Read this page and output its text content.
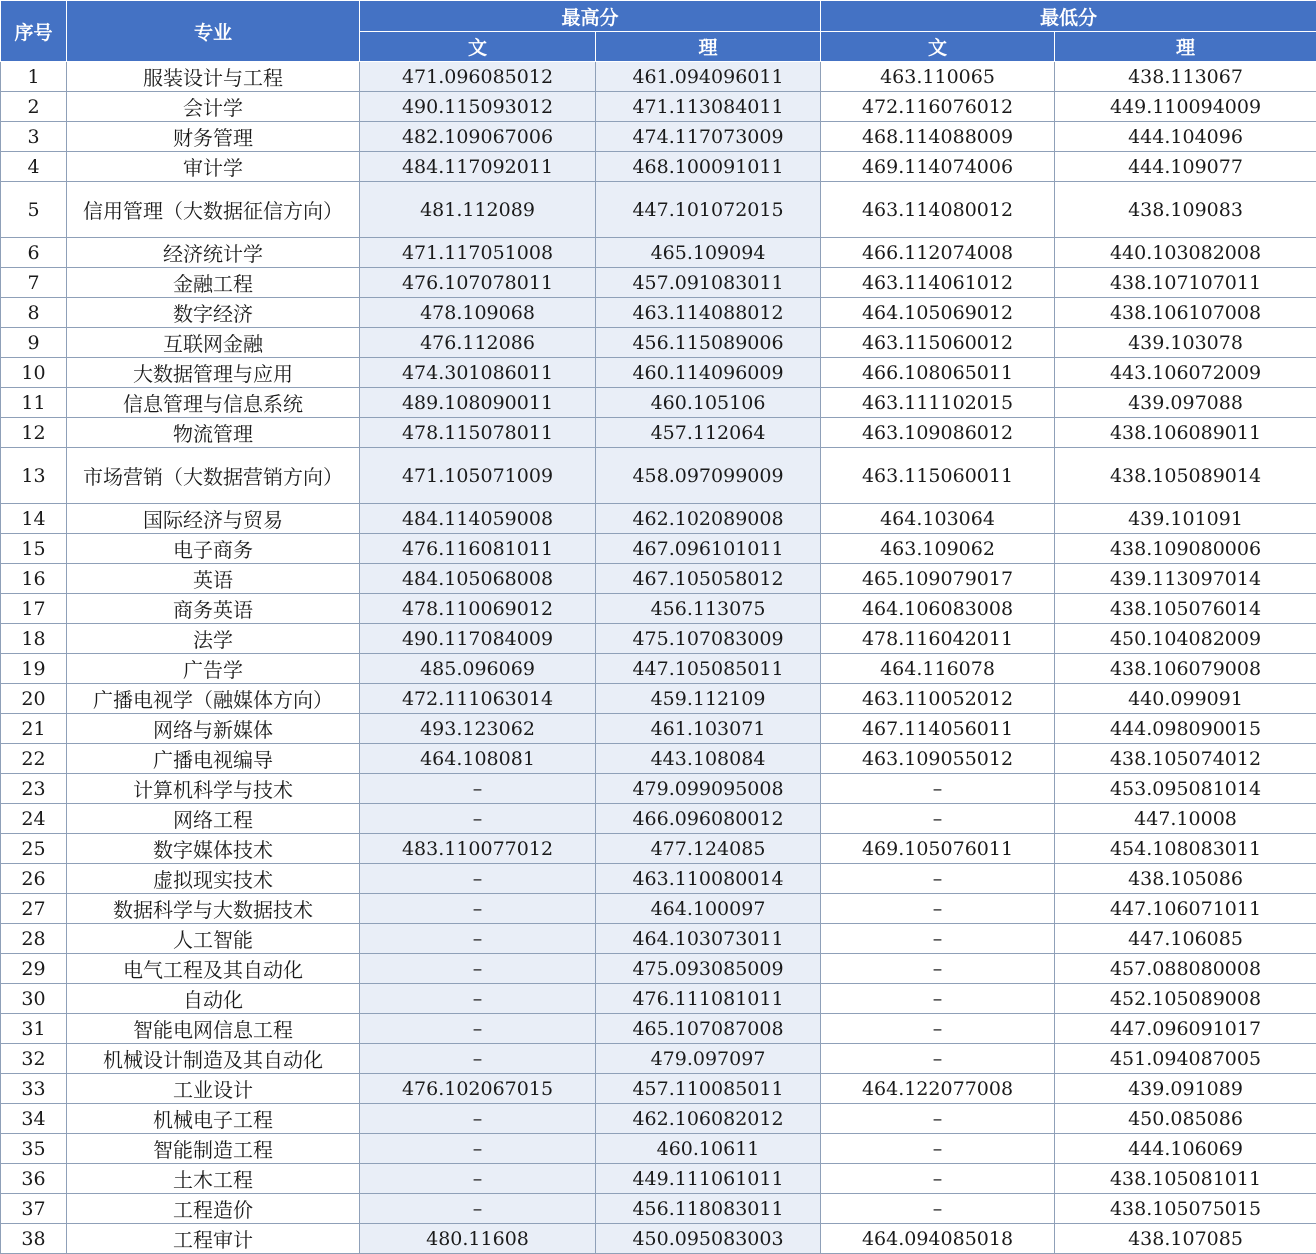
序号	专业	最高分		最低分	
		文	理	文	理
1	服装设计与工程	471.096085012	461.094096011	463.110065	438.113067
2	会计学	490.115093012	471.113084011	472.116076012	449.110094009
3	财务管理	482.109067006	474.117073009	468.114088009	444.104096
4	审计学	484.117092011	468.100091011	469.114074006	444.109077
5	信用管理（大数据征信方向）	481.112089	447.101072015	463.114080012	438.109083
6	经济统计学	471.117051008	465.109094	466.112074008	440.103082008
7	金融工程	476.107078011	457.091083011	463.114061012	438.107107011
8	数字经济	478.109068	463.114088012	464.105069012	438.106107008
9	互联网金融	476.112086	456.115089006	463.115060012	439.103078
10	大数据管理与应用	474.301086011	460.114096009	466.108065011	443.106072009
11	信息管理与信息系统	489.108090011	460.105106	463.111102015	439.097088
12	物流管理	478.115078011	457.112064	463.109086012	438.106089011
13	市场营销（大数据营销方向）	471.105071009	458.097099009	463.115060011	438.105089014
14	国际经济与贸易	484.114059008	462.102089008	464.103064	439.101091
15	电子商务	476.116081011	467.096101011	463.109062	438.109080006
16	英语	484.105068008	467.105058012	465.109079017	439.113097014
17	商务英语	478.110069012	456.113075	464.106083008	438.105076014
18	法学	490.117084009	475.107083009	478.116042011	450.104082009
19	广告学	485.096069	447.105085011	464.116078	438.106079008
20	广播电视学（融媒体方向）	472.111063014	459.112109	463.110052012	440.099091
21	网络与新媒体	493.123062	461.103071	467.114056011	444.098090015
22	广播电视编导	464.108081	443.108084	463.109055012	438.105074012
23	计算机科学与技术	–	479.099095008	–	453.095081014
24	网络工程	–	466.096080012	–	447.10008
25	数字媒体技术	483.110077012	477.124085	469.105076011	454.108083011
26	虚拟现实技术	–	463.110080014	–	438.105086
27	数据科学与大数据技术	–	464.100097	–	447.106071011
28	人工智能	–	464.103073011	–	447.106085
29	电气工程及其自动化	–	475.093085009	–	457.088080008
30	自动化	–	476.111081011	–	452.105089008
31	智能电网信息工程	–	465.107087008	–	447.096091017
32	机械设计制造及其自动化	–	479.097097	–	451.094087005
33	工业设计	476.102067015	457.110085011	464.122077008	439.091089
34	机械电子工程	–	462.106082012	–	450.085086
35	智能制造工程	–	460.10611	–	444.106069
36	土木工程	–	449.111061011	–	438.105081011
37	工程造价	–	456.118083011	–	438.105075015
38	工程审计	480.11608	450.095083003	464.094085018	438.107085
